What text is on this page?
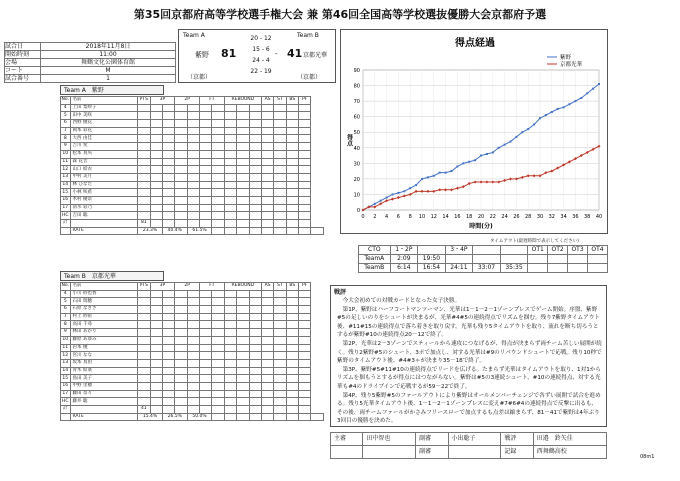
第35回京都府高等学校選手権大会 兼 第46回全国高等学校選抜優勝大会京都府予選
試合日	2018年11月8日
開始時刻	11:00
会場	舞鶴文化公園体育館
コート	M
試合番号	1
Team A	Team B
紫野 81	41
-	京都光華
（京都）	（京都）
20 - 12
15 - 6
24 - 4
22 - 19
0
10
20
30
40
50
60
70
80
90
0 2 4 6 8 10 12 14 16 18 20 22 24 26 28 30 32 34 36 38 40
得点経過
時間(分)
得点
紫野
京都光華
Team A　紫野
No.	名前	PTS	3P		2P		FT		REBOUND			AS	ST	BS	PF	
4	上田 梨紗子															
5	田中 美咲															
6	西野 優花															
7	岡本 彩花															
8	大西 由佳															
9	吉川 愛															
10	松本 真央															
11	森 花音															
12	山口 結衣															
13	中村 美月															
14	林 ひなた															
15	小林 咲希															
16	木村 優奈															
17	清水 彩乃															
HC	吉田 聡															
計		81														
	RATE	23.3%		40.4%		61.5%										
Team B　京都光華
No.	名前	PTS	3P		2P		FT		REBOUND			AS	ST	BS	PF	
4	小川 紗也香															
5	石田 瑞穂															
6	石原 なぎさ															
7	村上 紗希															
8	高田 千尋															
9	林田 あかり															
10	藤原 あゆみ															
11	岩本 優															
12	宮川 なな															
13	坂本 真由															
14	青木 結菜															
15	島田 美子															
16	中野 里穂															
17	藤田 奈々															
HC	藤井 聡															
計		41														
	RATE	15.4%		26.5%		50.0%										
タイムアウト(最遅時間で表示してください)
CTO	1・2P		3・4P			OT1	OT2	OT3	OT4
TeamA	2:09	19:50							
TeamB	6:14	16:54	24:11	33:07	35:35				
戦評
　今大会初めての対戦カードとなった女子決勝。
　第1P、紫野はハーフコートマンツーマン、光華は1－1－2－1ゾーンプレスでゲーム開始。序盤、紫野#5の足しいのりをシュートが決まるが、光華#4#5の連続得点でリズムを掴む。残り7紫野タイムアウト後、#11#15の連続得点で落ち着きを取り戻す。光華も残り5タイムアウトを取り、流れを断ち切ろうとするが紫野#10の連続得点20－12で終了。
　第2P、光華は2－3ゾーンでスティールから速攻につなげるが、得点が決まらず両チーム苦しい展開が続く。残り2紫野#5のシュート、3ポで加点し、対する光華は#9のリバウンドシュートで応戦。残り10秒で紫野のタイムアウト後、#4#3ゃが決まり35－18で終了。
　第3P、紫野#5#11#10の連続得点でリードを広げる。たまらず光華はタイムアウトを取り、1対1からリズムを掴もうとするが得点にはつながらない。紫野は#5の3連続シュート、#10の連続得点、対する光華も#4のドライブインで応戦するが59－22で終了。
　第4P、残り5紫野#5のファールアウトにより紫野はオールメンバーチェンジで各ずい展開で試合を進める。残り5光華タイムアウト後、1－1－2－1ゾーンプレスに変え#7#6#4の連続得点で反撃に出るも、その後、両チームファールがかさみフリースローで加点するも点差は縮まらず、81－41で紫野は4年ぶり3回目の優勝を決めた。
主審	田中智也	副審	小出聡子	戦評	田邉　鈴矢佳
		副審		記録	西舞鶴高校
08m1
